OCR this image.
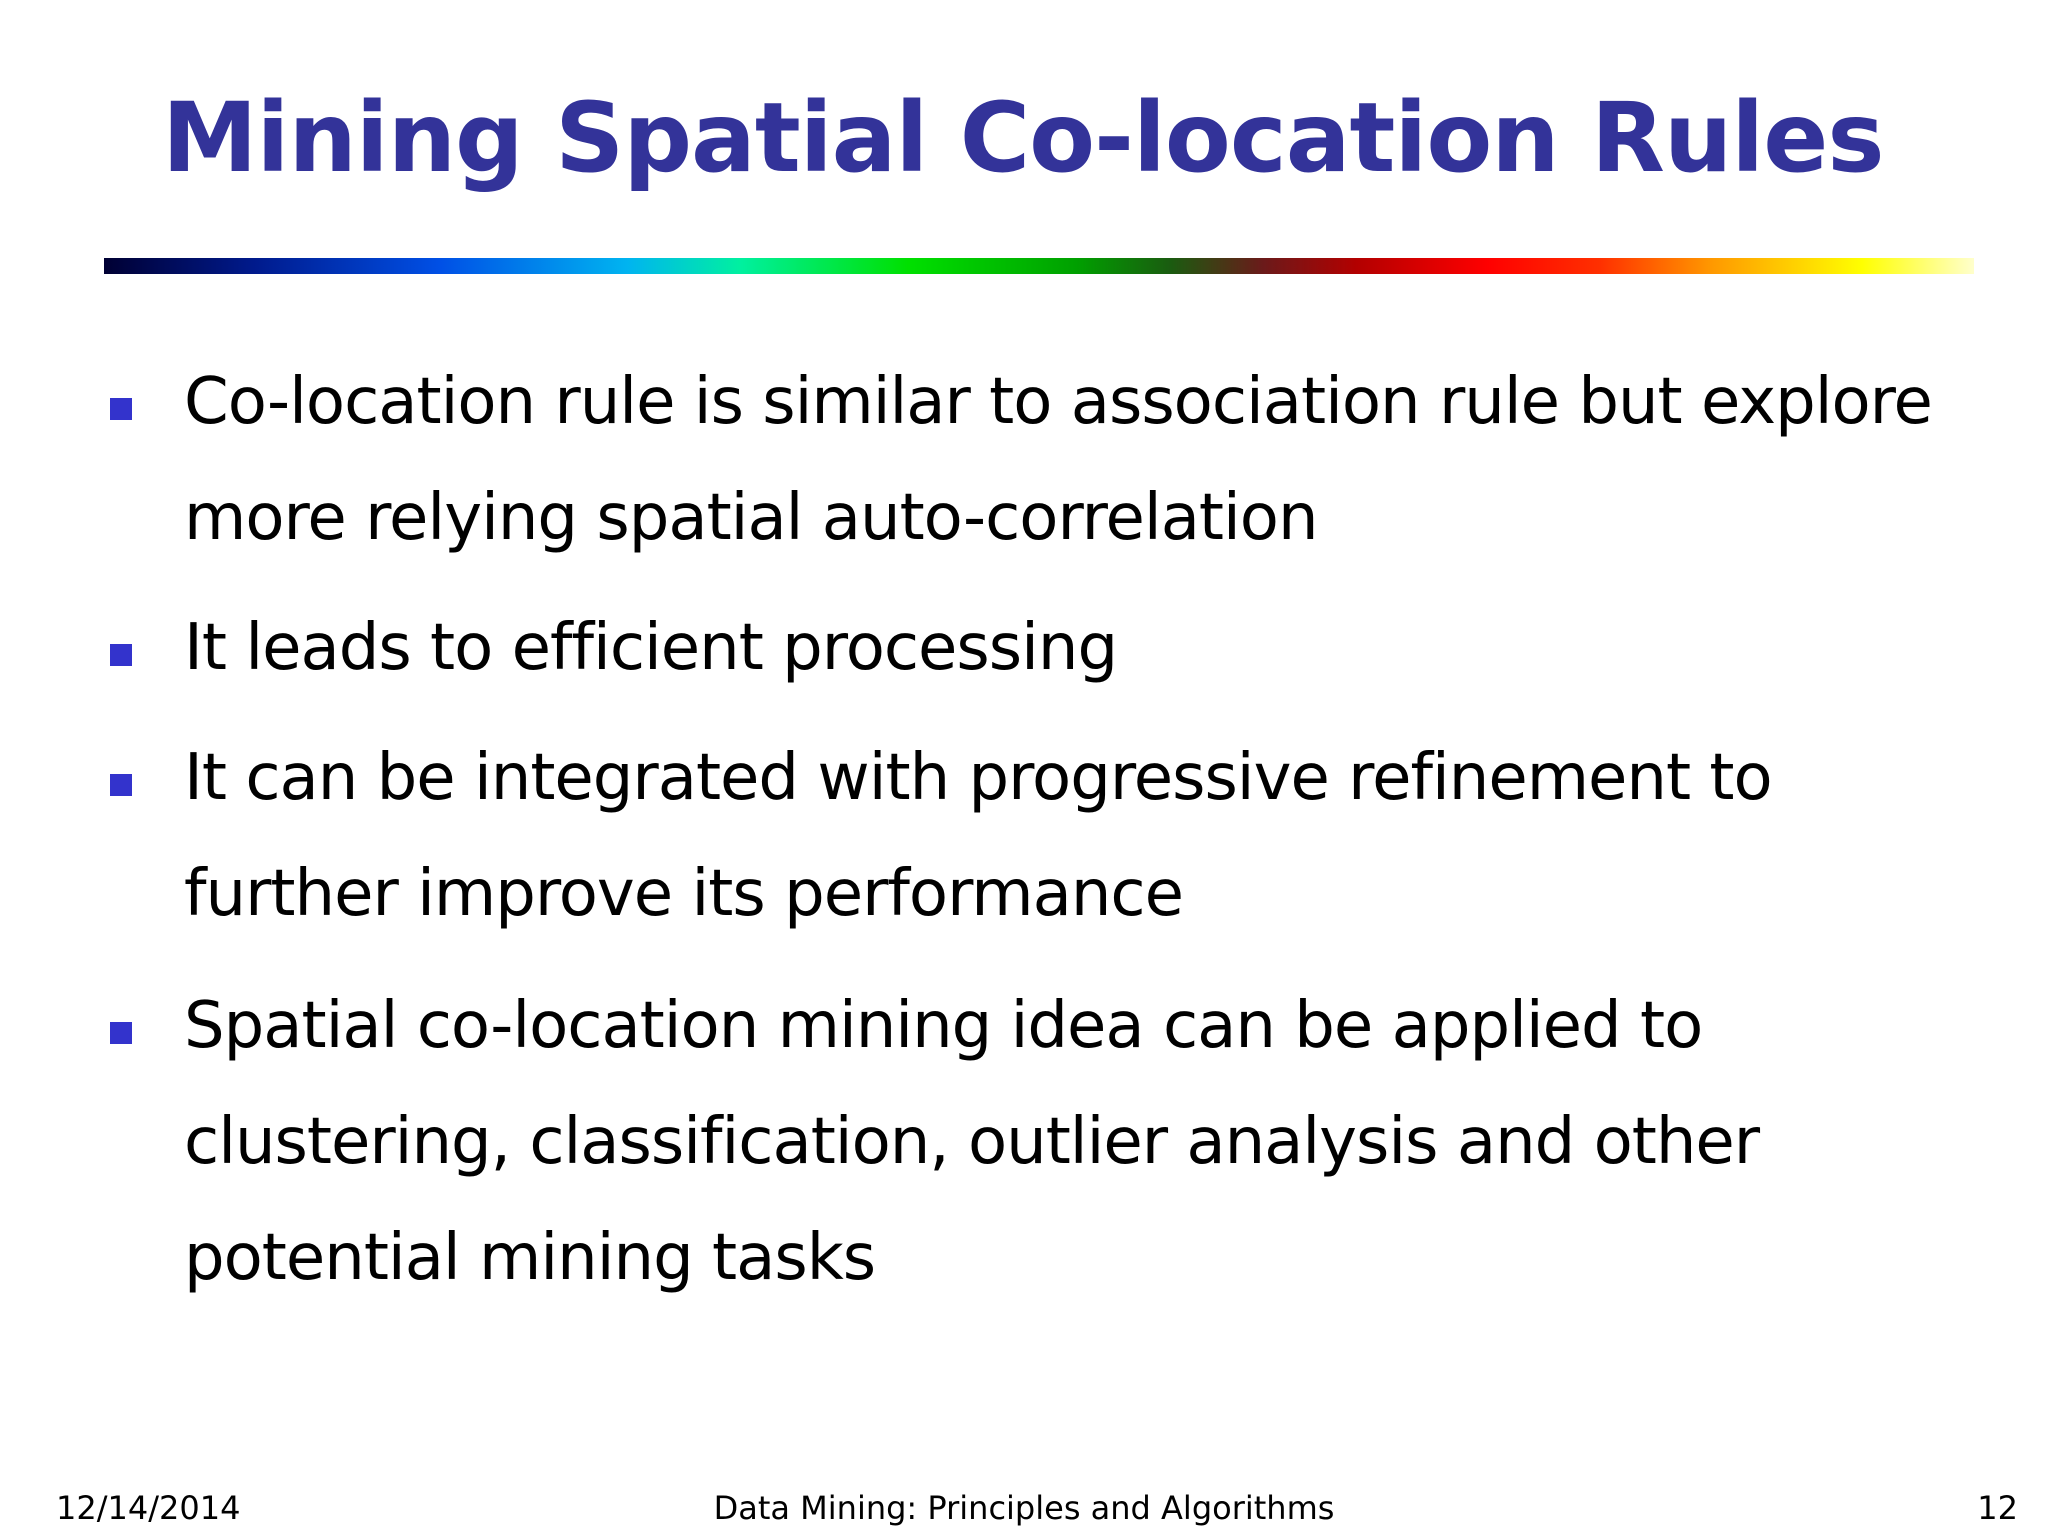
Mining Spatial Co-location Rules
Co-location rule is similar to association rule but explore more relying spatial auto-correlation
It leads to efficient processing
It can be integrated with progressive refinement to further improve its performance
Spatial co-location mining idea can be applied to clustering, classification, outlier analysis and other potential mining tasks
Data Mining: Principles and Algorithms
12/14/2014	12
